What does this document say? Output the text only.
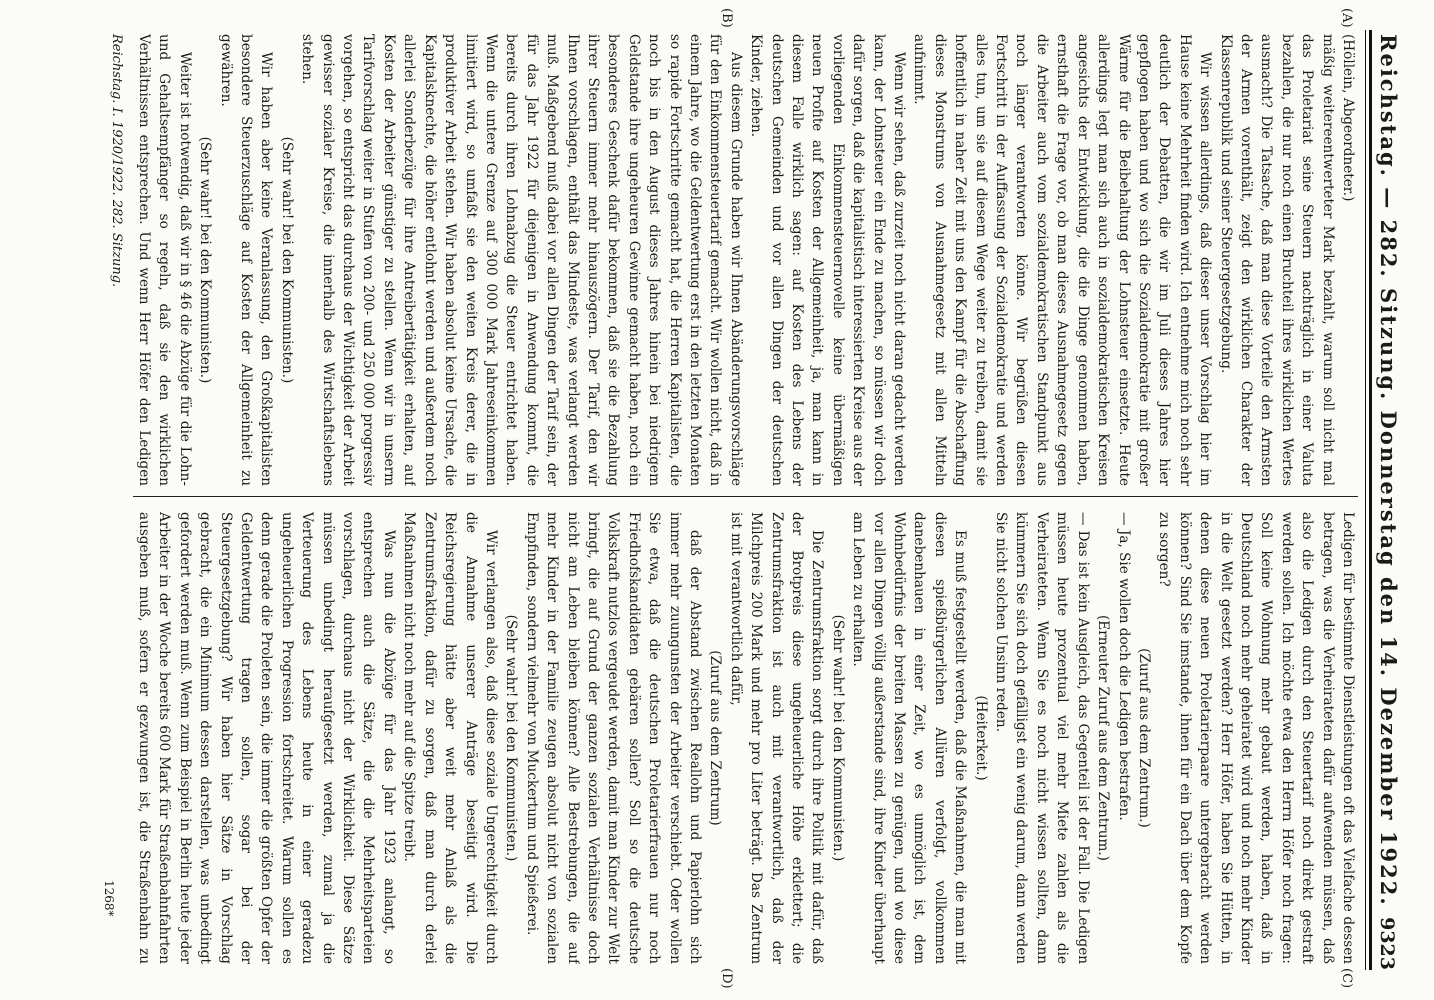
Reichstag. — 282. Sitzung. Donnerstag den 14. Dezember 1922.
9323
(A)
(B)
(C)
(D)

(Höllein, Abgeordneter.)

mäßig weitereentwerteter Mark bezahlt, warum soll nicht mal das Proletariat seine Steuern nachträglich in einer Valuta bezahlen, die nur noch einen Bruchteil ihres wirklichen Wertes ausmacht? Die Tatsache, daß man diese Vorteile den Armsten der Armen vorenthält, zeigt den wirklichen Charakter der Klassenrepublik und seiner Steuergesetzgebung.

Wir wissen allerdings, daß dieser unser Vorschlag hier im Hause keine Mehrheit finden wird. Ich entnehme mich noch sehr deutlich der Debatten, die wir im Juli dieses Jahres hier gepflogen haben und wo sich die Sozialdemokratie mit großer Wärme für die Beibehaltung der Lohnsteuer einsetzte. Heute allerdings legt man sich auch in sozialdemokratischen Kreisen angesichts der Entwicklung, die die Dinge genommen haben, ernsthaft die Frage vor, ob man dieses Ausnahmegesetz gegen die Arbeiter auch vom sozialdemokratischen Standpunkt aus noch länger verantworten könne. Wir begrüßen diesen Fortschritt in der Auffassung der Sozialdemokratie und werden alles tun, um sie auf diesem Wege weiter zu treiben, damit sie hoffentlich in naher Zeit mit uns den Kampf für die Abschaffung dieses Monstrums von Ausnahmegesetz mit allen Mitteln aufnimmt.

Wenn wir sehen, daß zurzeit noch nicht daran gedacht werden kann, der Lohnsteuer ein Ende zu machen, so müssen wir doch dafür sorgen, daß die kapitalistisch interessierten Kreise aus der vorliegenden Einkommensteuernovelle keine übermäßigen neuen Profite auf Kosten der Allgemeinheit, ja, man kann in diesem Falle wirklich sagen: auf Kosten des Lebens der deutschen Gemeinden und vor allen Dingen der deutschen Kinder, ziehen.

Aus diesem Grunde haben wir Ihnen Abänderungsvorschläge für den Einkommensteuertarif gemacht. Wir wollen nicht, daß in einem Jahre, wo die Geldentwertung erst in den letzten Monaten so rapide Fortschritte gemacht hat, die Herren Kapitalisten, die noch bis in den August dieses Jahres hinein bei niedrigem Geldstande ihre ungeheuren Gewinne gemacht haben, noch ein besonderes Geschenk dafür bekommen, daß sie die Bezahlung ihrer Steuern immer mehr hinauszögern. Der Tarif, den wir Ihnen vorschlagen, enthält das Mindeste, was verlangt werden muß. Maßgebend muß dabei vor allen Dingen der Tarif sein, der für das Jahr 1922 für diejenigen in Anwendung kommt, die bereits durch ihren Lohnabzug die Steuer entrichtet haben. Wenn die untere Grenze auf 300 000 Mark Jahreseinkommen limitiert wird, so umfaßt sie den weiten Kreis derer, die in produktiver Arbeit stehen. Wir haben absolut keine Ursache, die Kapitalsknechte, die höher entlohnt werden und außerdem noch allerlei Sonderbezüge für ihre Antreibertätigkeit erhalten, auf Kosten der Arbeiter günstiger zu stellen. Wenn wir in unserm Tarifvorschlag weiter in Stufen von 200- und 250 000 progressiv vorgehen, so entspricht das durchaus der Wichtigkeit der Arbeit gewisser sozialer Kreise, die innerhalb des Wirtschaftslebens stehen.

(Sehr wahr! bei den Kommunisten.)

Wir haben aber keine Veranlassung, den Großkapitalisten besondere Steuerzuschläge auf Kosten der Allgemeinheit zu gewähren.

(Sehr wahr! bei den Kommunisten.)

Weiter ist notwendig, daß wir in § 46 die Abzüge für die Lohn- und Gehaltsempfänger so regeln, daß sie den wirklichen Verhältnissen entsprechen. Und wenn Herr Höfer den Ledigen

Ledigen für bestimmte Dienstleistungen oft das Vielfache dessen betragen, was die Verheirateten dafür aufwenden müssen, daß also die Ledigen durch den Steuertarif noch direkt gestraft werden sollen. Ich möchte etwa den Herrn Höfer noch fragen: Soll keine Wohnung mehr gebaut werden, haben, daß in Deutschland noch mehr geheiratet wird und noch mehr Kinder in die Welt gesetzt werden? Herr Höfer, haben Sie Hütten, in denen diese neuen Proletarierpaare untergebracht werden können? Sind Sie imstande, ihnen für ein Dach über dem Kopfe zu sorgen?

(Zuruf aus dem Zentrum.)

— Ja, Sie wollen doch die Ledigen bestrafen.

(Erneuter Zuruf aus dem Zentrum.)

— Das ist kein Ausgleich, das Gegenteil ist der Fall. Die Ledigen müssen heute prozentual viel mehr Miete zahlen als die Verheirateten. Wenn Sie es noch nicht wissen sollten, dann kümmern Sie sich doch gefälligst ein wenig darum, dann werden Sie nicht solchen Unsinn reden.

(Heiterkeit.)

Es muß festgestellt werden, daß die Maßnahmen, die man mit diesen spießbürgerlichen Allüren verfolgt, vollkommen danebenhauen in einer Zeit, wo es unmöglich ist, dem Wohnbedürfnis der breiten Massen zu genügen, und wo diese vor allen Dingen völlig außerstande sind, ihre Kinder überhaupt am Leben zu erhalten.

(Sehr wahr! bei den Kommunisten.)

Die Zentrumsfraktion sorgt durch ihre Politik mit dafür, daß der Brotpreis diese ungeheuerliche Höhe erklettert; die Zentrumsfraktion ist auch mit verantwortlich, daß der Milchpreis 200 Mark und mehr pro Liter beträgt. Das Zentrum ist mit verantwortlich dafür,

(Zuruf aus dem Zentrum)

daß der Abstand zwischen Reallohn und Papierlohn sich immer mehr zuungunsten der Arbeiter verschiebt. Oder wollen Sie etwa, daß die deutschen Proletarierfrauen nur noch Friedhofskandidaten gebären sollen? Soll so die deutsche Volkskraft nutzlos vergeudet werden, damit man Kinder zur Welt bringt, die auf Grund der ganzen sozialen Verhältnisse doch nicht am Leben bleiben können? Alle Bestrebungen, die auf mehr Kinder in der Familie zeugen absolut nicht von sozialen Empfinden, sondern vielmehr von Muckertum und Spießerei.

(Sehr wahr! bei den Kommunisten.)

Wir verlangen also, daß diese soziale Ungerechtigkeit durch die Annahme unserer Anträge beseitigt wird. Die Reichsregierung hätte aber weit mehr Anlaß als die Zentrumsfraktion, dafür zu sorgen, daß man durch derlei Maßnahmen nicht noch mehr auf die Spitze treibt.

Was nun die Abzüge für das Jahr 1923 anlangt, so entsprechen auch die Sätze, die die Mehrheitsparteien vorschlagen, durchaus nicht der Wirklichkeit. Diese Sätze müssen unbedingt heraufgesetzt werden, zumal ja die Verteuerung des Lebens heute in einer geradezu ungeheuerlichen Progression fortschreitet. Warum sollen es denn gerade die Proleten sein, die immer die größten Opfer der Geldentwertung tragen sollen, sogar bei der Steuergesetzgebung? Wir haben hier Sätze in Vorschlag gebracht, die ein Minimum dessen darstellen, was unbedingt gefordert werden muß. Wenn zum Beispiel in Berlin heute jeder Arbeiter in der Woche bereits 600 Mark für Straßenbahnfahrten ausgeben muß, sofern er gezwungen ist, die Straßenbahn zu

Reichstag. I. 1920/1922. 282. Sitzung.
1268*
